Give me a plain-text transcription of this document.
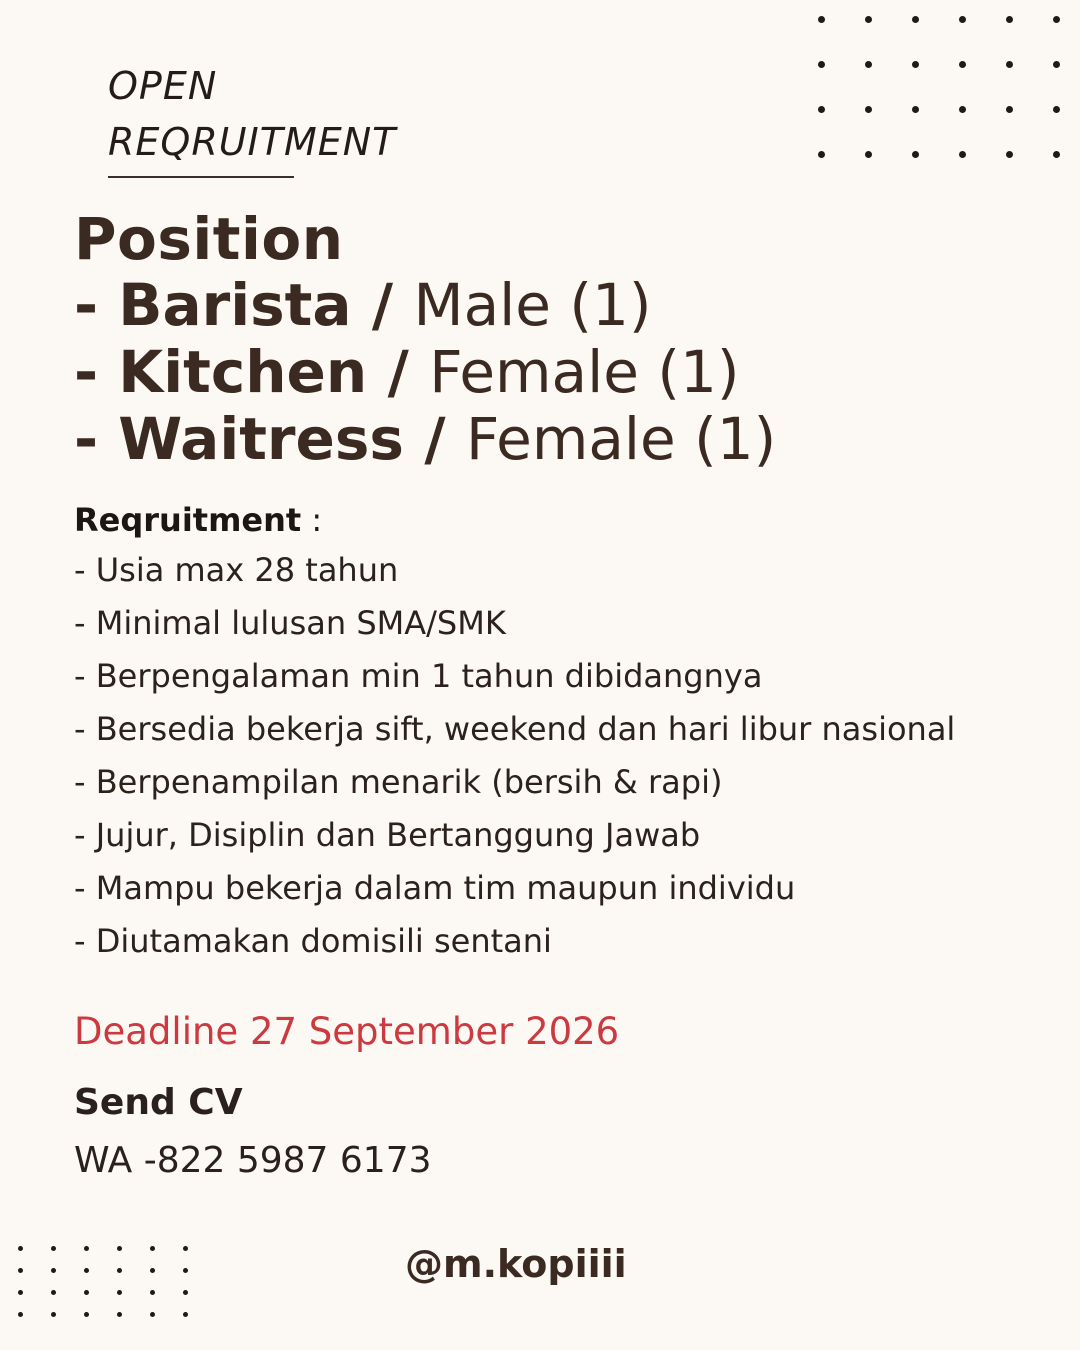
OPEN
REQRUITMENT
Position
- Barista / Male (1)
- Kitchen / Female (1)
- Waitress / Female (1)
Reqruitment :
- Usia max 28 tahun
- Minimal lulusan SMA/SMK
- Berpengalaman min 1 tahun dibidangnya
- Bersedia bekerja sift, weekend dan hari libur nasional
- Berpenampilan menarik (bersih & rapi)
- Jujur, Disiplin dan Bertanggung Jawab
- Mampu bekerja dalam tim maupun individu
- Diutamakan domisili sentani
Deadline 27 September 2026
Send CV
WA -822 5987 6173
@m.kopiiii
